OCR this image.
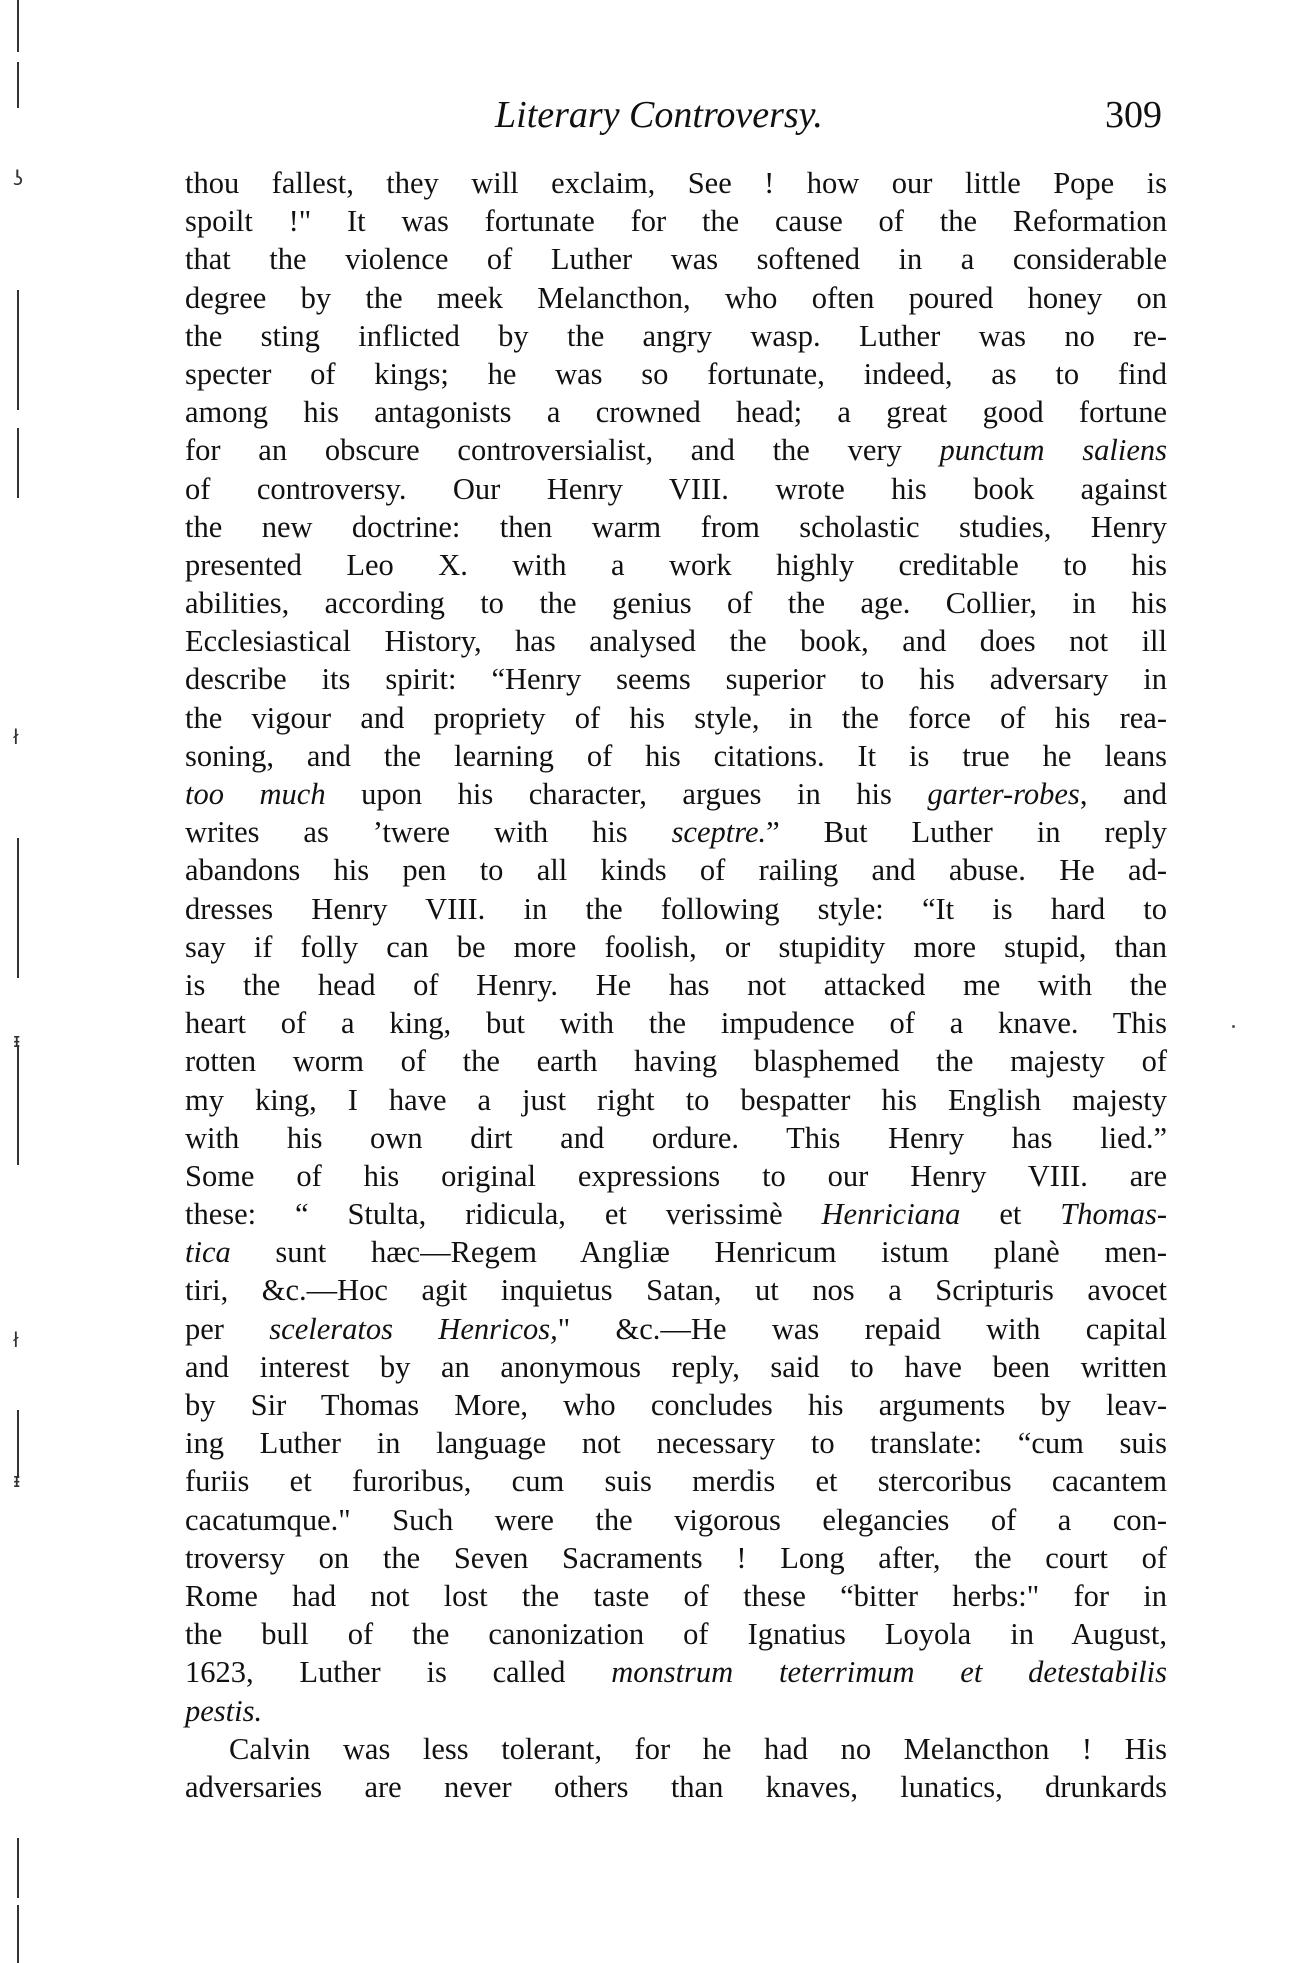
ʖ
ł
ᵻ
ł
ᵻ
Literary Controversy.	309
thou fallest, they will exclaim, See ! how our little Pope is
spoilt !" It was fortunate for the cause of the Reformation
that the violence of Luther was softened in a considerable
degree by the meek Melancthon, who often poured honey on
the sting inflicted by the angry wasp. Luther was no re-
specter of kings; he was so fortunate, indeed, as to find
among his antagonists a crowned head; a great good fortune
for an obscure controversialist, and the very punctum saliens
of controversy. Our Henry VIII. wrote his book against
the new doctrine: then warm from scholastic studies, Henry
presented Leo X. with a work highly creditable to his
abilities, according to the genius of the age. Collier, in his
Ecclesiastical History, has analysed the book, and does not ill
describe its spirit: “Henry seems superior to his adversary in
the vigour and propriety of his style, in the force of his rea-
soning, and the learning of his citations. It is true he leans
too much upon his character, argues in his garter-robes, and
writes as ’twere with his sceptre.” But Luther in reply
abandons his pen to all kinds of railing and abuse. He ad-
dresses Henry VIII. in the following style: “It is hard to
say if folly can be more foolish, or stupidity more stupid, than
is the head of Henry. He has not attacked me with the
heart of a king, but with the impudence of a knave. This
rotten worm of the earth having blasphemed the majesty of
my king, I have a just right to bespatter his English majesty
with his own dirt and ordure. This Henry has lied.”
Some of his original expressions to our Henry VIII. are
these: “ Stulta, ridicula, et verissimè Henriciana et Thomas-
tica sunt hæc—Regem Angliæ Henricum istum planè men-
tiri, &c.—Hoc agit inquietus Satan, ut nos a Scripturis avocet
per sceleratos Henricos," &c.—He was repaid with capital
and interest by an anonymous reply, said to have been written
by Sir Thomas More, who concludes his arguments by leav-
ing Luther in language not necessary to translate: “cum suis
furiis et furoribus, cum suis merdis et stercoribus cacantem
cacatumque." Such were the vigorous elegancies of a con-
troversy on the Seven Sacraments ! Long after, the court of
Rome had not lost the taste of these “bitter herbs:" for in
the bull of the canonization of Ignatius Loyola in August,
1623, Luther is called monstrum teterrimum et detestabilis
pestis.
Calvin was less tolerant, for he had no Melancthon ! His
adversaries are never others than knaves, lunatics, drunkards
